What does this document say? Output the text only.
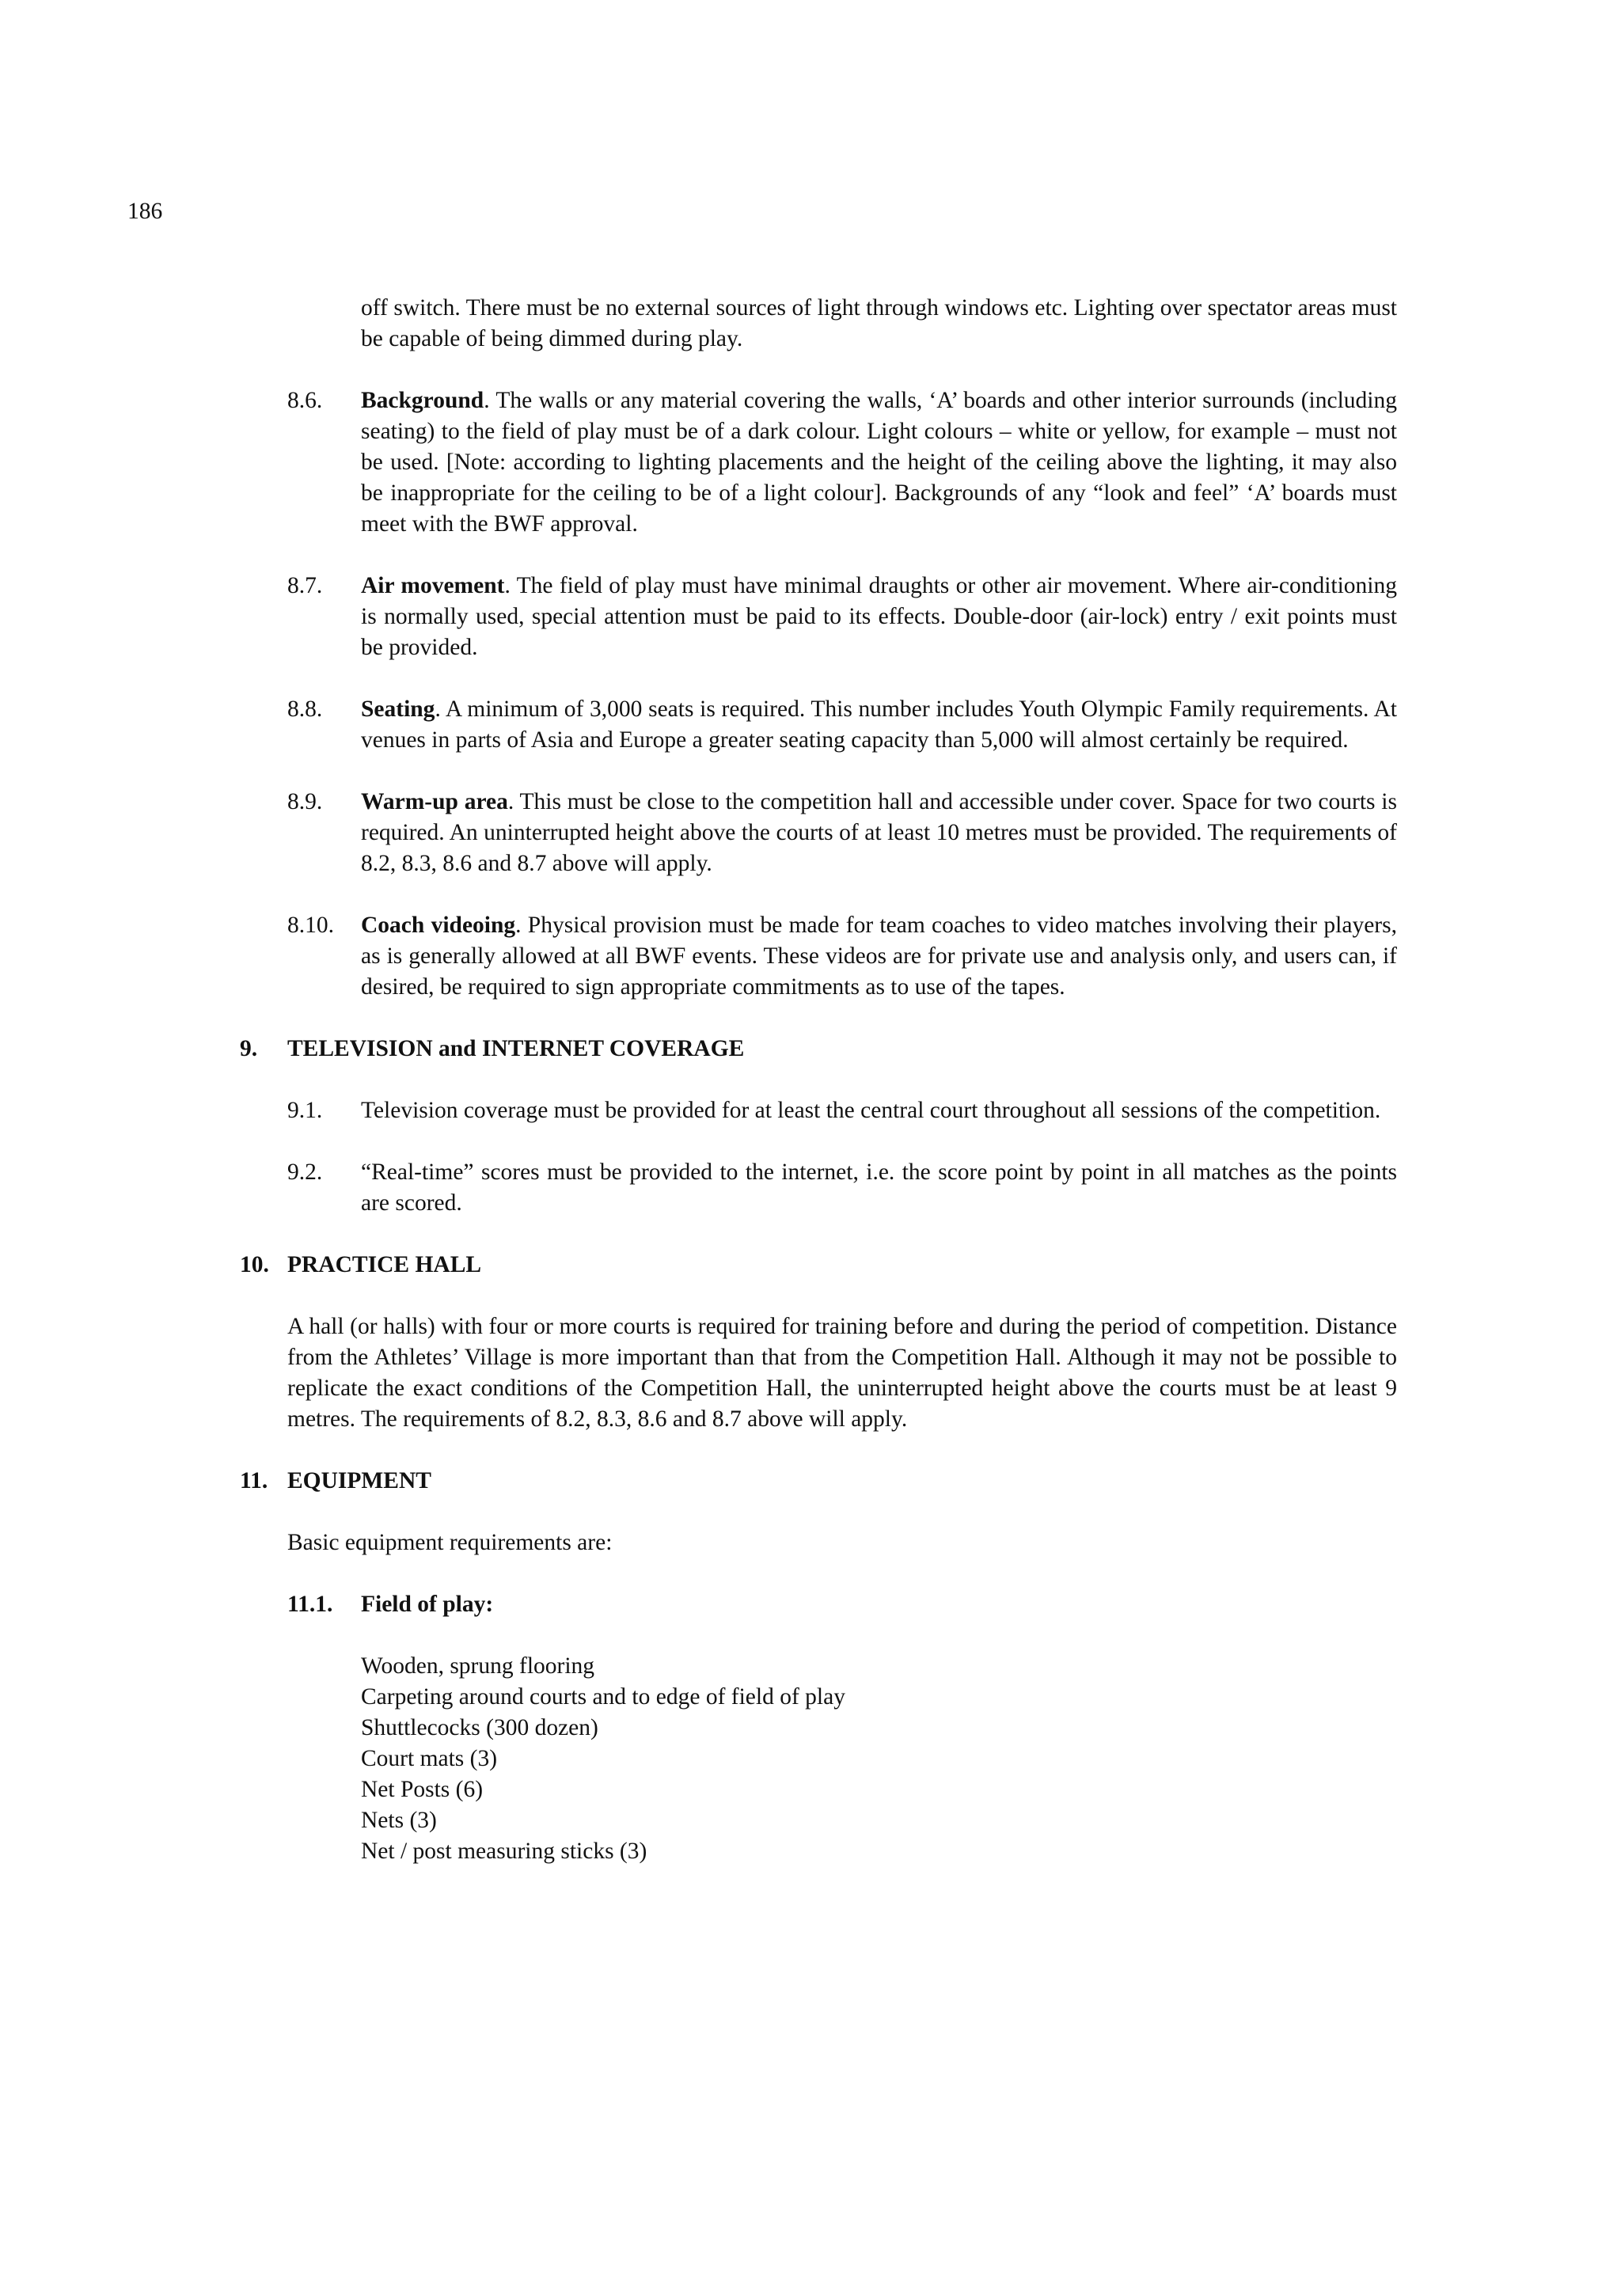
186

off switch. There must be no external sources of light through windows etc. Lighting over spectator areas must be capable of being dimmed during play.

8.6. Background. The walls or any material covering the walls, ‘A’ boards and other interior surrounds (including seating) to the field of play must be of a dark colour. Light colours – white or yellow, for example – must not be used. [Note: according to lighting placements and the height of the ceiling above the lighting, it may also be inappropriate for the ceiling to be of a light colour]. Backgrounds of any “look and feel” ‘A’ boards must meet with the BWF approval.
8.7. Air movement. The field of play must have minimal draughts or other air movement. Where air-conditioning is normally used, special attention must be paid to its effects. Double-door (air-lock) entry / exit points must be provided.
8.8. Seating. A minimum of 3,000 seats is required. This number includes Youth Olympic Family requirements. At venues in parts of Asia and Europe a greater seating capacity than 5,000 will almost certainly be required.
8.9. Warm-up area. This must be close to the competition hall and accessible under cover. Space for two courts is required. An uninterrupted height above the courts of at least 10 metres must be provided. The requirements of 8.2, 8.3, 8.6 and 8.7 above will apply.
8.10. Coach videoing. Physical provision must be made for team coaches to video matches involving their players, as is generally allowed at all BWF events. These videos are for private use and analysis only, and users can, if desired, be required to sign appropriate commitments as to use of the tapes.
9. TELEVISION and INTERNET COVERAGE
9.1. Television coverage must be provided for at least the central court throughout all sessions of the competition.
9.2. “Real-time” scores must be provided to the internet, i.e. the score point by point in all matches as the points are scored.
10. PRACTICE HALL

A hall (or halls) with four or more courts is required for training before and during the period of competition. Distance from the Athletes’ Village is more important than that from the Competition Hall. Although it may not be possible to replicate the exact conditions of the Competition Hall, the uninterrupted height above the courts must be at least 9 metres. The requirements of 8.2, 8.3, 8.6 and 8.7 above will apply.

11. EQUIPMENT

Basic equipment requirements are:

11.1. Field of play:
Wooden, sprung flooring
Carpeting around courts and to edge of field of play
Shuttlecocks (300 dozen)
Court mats (3)
Net Posts (6)
Nets (3)
Net / post measuring sticks (3)
